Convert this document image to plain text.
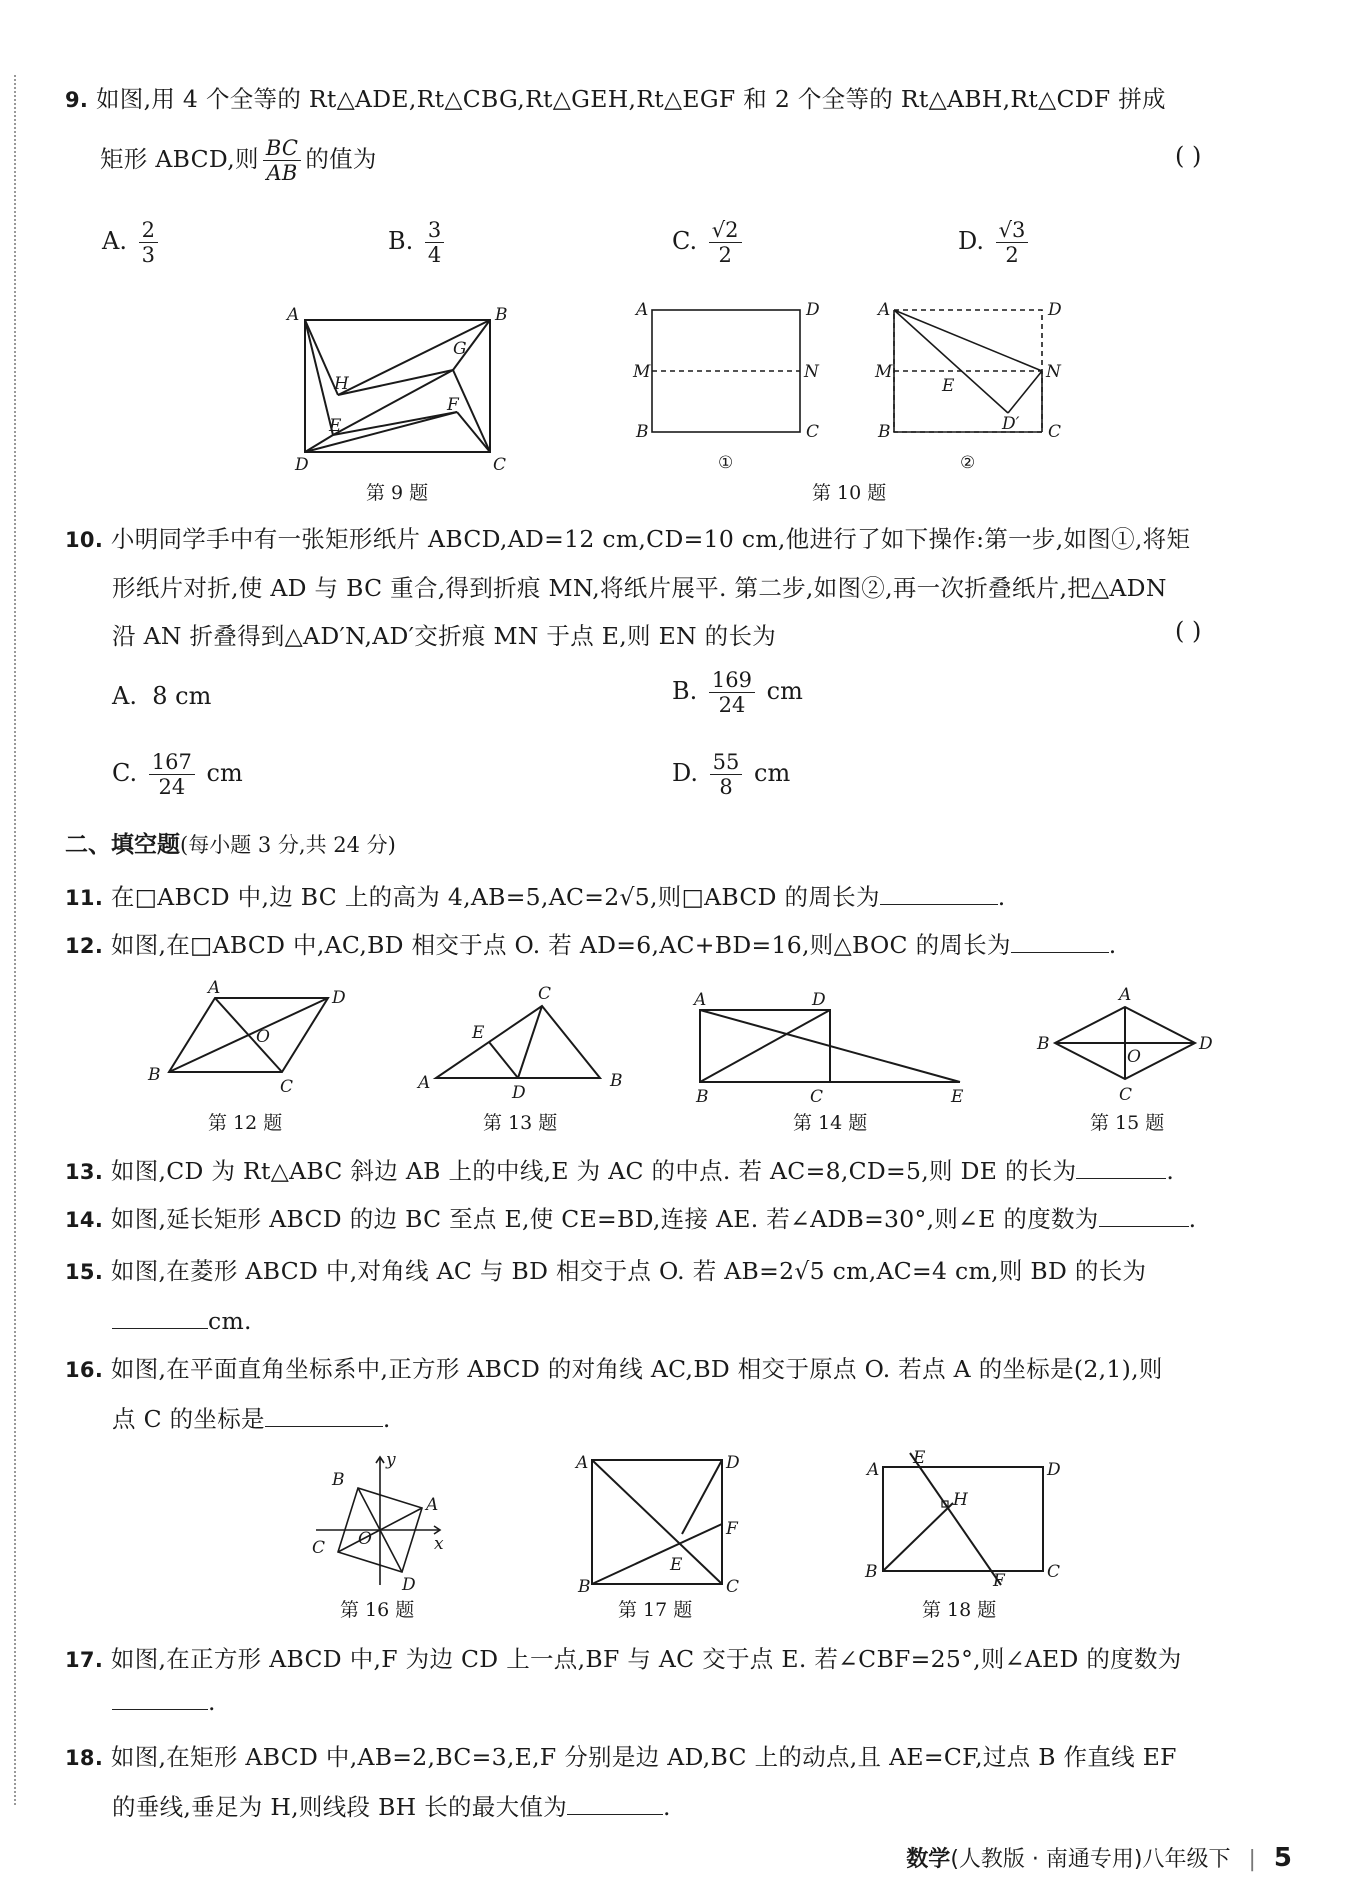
9. 如图,用 4 个全等的 Rt△ADE,Rt△CBG,Rt△GEH,Rt△EGF 和 2 个全等的 Rt△ABH,Rt△CDF 拼成
矩形 ABCD,则 $\frac{BC}{AB}$ 的值为	( )
A. $\frac{2}{3}$	B. $\frac{3}{4}$	C. $\frac{√2}{2}$	D. $\frac{√3}{2}$
A	B
C
D
E
F
G
H
第 9 题
A	D
M	N
B	C
①
A	D
M	N
B	C
E
D′
②
第 10 题
10. 小明同学手中有一张矩形纸片 ABCD,AD=12 cm,CD=10 cm,他进行了如下操作:第一步,如图①,将矩
形纸片对折,使 AD 与 BC 重合,得到折痕 MN,将纸片展平. 第二步,如图②,再一次折叠纸片,把△ADN
沿 AN 折叠得到△AD′N,AD′交折痕 MN 于点 E,则 EN 的长为	( )
A. 8 cm	B. $\frac{169}{24}$ cm
C. $\frac{167}{24}$ cm	D. $\frac{55}{8}$ cm
二、填空题(每小题 3 分,共 24 分)
11. 在□ABCD 中,边 BC 上的高为 4,AB=5,AC=2√5,则□ABCD 的周长为	.
12. 如图,在□ABCD 中,AC,BD 相交于点 O. 若 AD=6,AC+BD=16,则△BOC 的周长为	.
A	D
B
C
O
第 12 题
C
E
A	B
D
第 13 题
A	D
B	C	E
第 14 题
A
B	D
C
O
第 15 题
13. 如图,CD 为 Rt△ABC 斜边 AB 上的中线,E 为 AC 的中点. 若 AC=8,CD=5,则 DE 的长为	.
14. 如图,延长矩形 ABCD 的边 BC 至点 E,使 CE=BD,连接 AE. 若∠ADB=30°,则∠E 的度数为	.
15. 如图,在菱形 ABCD 中,对角线 AC 与 BD 相交于点 O. 若 AB=2√5 cm,AC=4 cm,则 BD 的长为
cm.
16. 如图,在平面直角坐标系中,正方形 ABCD 的对角线 AC,BD 相交于原点 O. 若点 A 的坐标是(2,1),则
点 C 的坐标是	.
y
x
A
B
C
D
O
第 16 题
A	D
B	C
F
E
第 17 题
A
E
D
B	C
F
H
第 18 题
17. 如图,在正方形 ABCD 中,F 为边 CD 上一点,BF 与 AC 交于点 E. 若∠CBF=25°,则∠AED 的度数为
.
18. 如图,在矩形 ABCD 中,AB=2,BC=3,E,F 分别是边 AD,BC 上的动点,且 AE=CF,过点 B 作直线 EF
的垂线,垂足为 H,则线段 BH 长的最大值为	.
数学(人教版 · 南通专用)八年级下 | 5
